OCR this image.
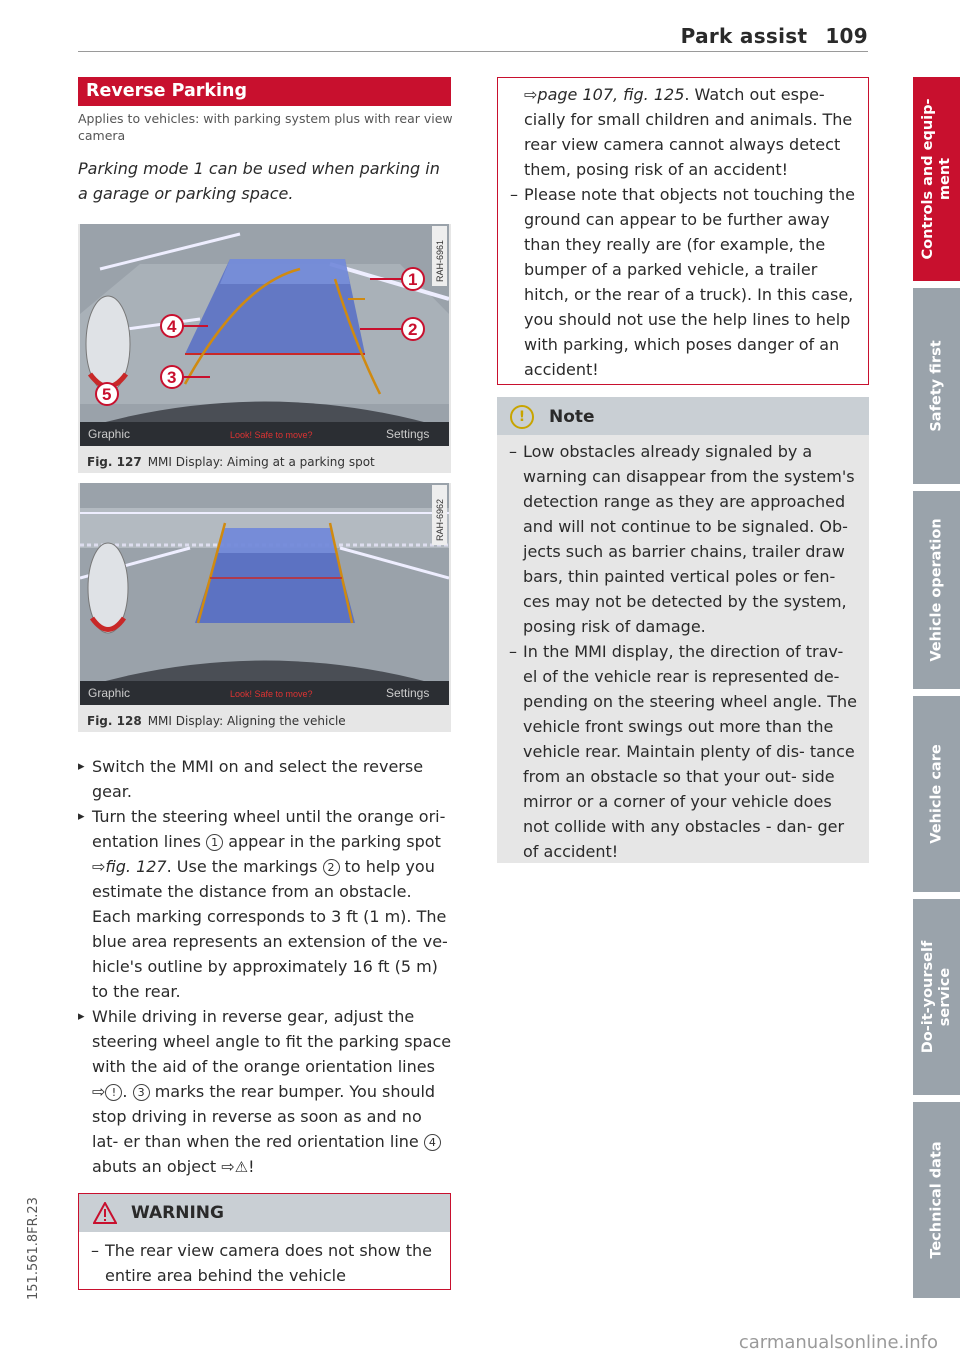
Park assist 109
151.561.8FR.23
Controls and equip-
ment
Safety first
Vehicle operation
Vehicle care
Do-it-yourself
service
Technical data
Reverse Parking
Applies to vehicles: with parking system plus with rear view camera
Parking mode 1 can be used when parking in a garage or parking space.
Graphic	Look! Safe to move?	Settings
RAH-6961
1
2
3
4
5
Fig. 127 MMI Display: Aiming at a parking spot
Graphic	Look! Safe to move?	Settings
RAH-6962
Fig. 128 MMI Display: Aligning the vehicle
▸ Switch the MMI on and select the reverse gear.
▸ Turn the steering wheel until the orange ori- entation lines 1 appear in the parking spot ⇨fig. 127. Use the markings 2 to help you estimate the distance from an obstacle. Each marking corresponds to 3 ft (1 m). The blue area represents an extension of the ve- hicle's outline by approximately 16 ft (5 m) to the rear.
▸ While driving in reverse gear, adjust the steering wheel angle to fit the parking space with the aid of the orange orientation lines ⇨ ! . 3 marks the rear bumper. You should stop driving in reverse as soon as and no lat- er than when the red orientation line 4 abuts an object ⇨⚠!
WARNING
– The rear view camera does not show the entire area behind the vehicle
⇨page 107, fig. 125. Watch out espe- cially for small children and animals. The rear view camera cannot always detect them, posing risk of an accident!
– Please note that objects not touching the ground can appear to be further away than they really are (for example, the bumper of a parked vehicle, a trailer hitch, or the rear of a truck). In this case, you should not use the help lines to help with parking, which poses danger of an accident!
!	Note
– Low obstacles already signaled by a warning can disappear from the system's detection range as they are approached and will not continue to be signaled. Ob- jects such as barrier chains, trailer draw bars, thin painted vertical poles or fen- ces may not be detected by the system, posing risk of damage.
– In the MMI display, the direction of trav- el of the vehicle rear is represented de- pending on the steering wheel angle. The vehicle front swings out more than the vehicle rear. Maintain plenty of dis- tance from an obstacle so that your out- side mirror or a corner of your vehicle does not collide with any obstacles - dan- ger of accident!
carmanualsonline.info
